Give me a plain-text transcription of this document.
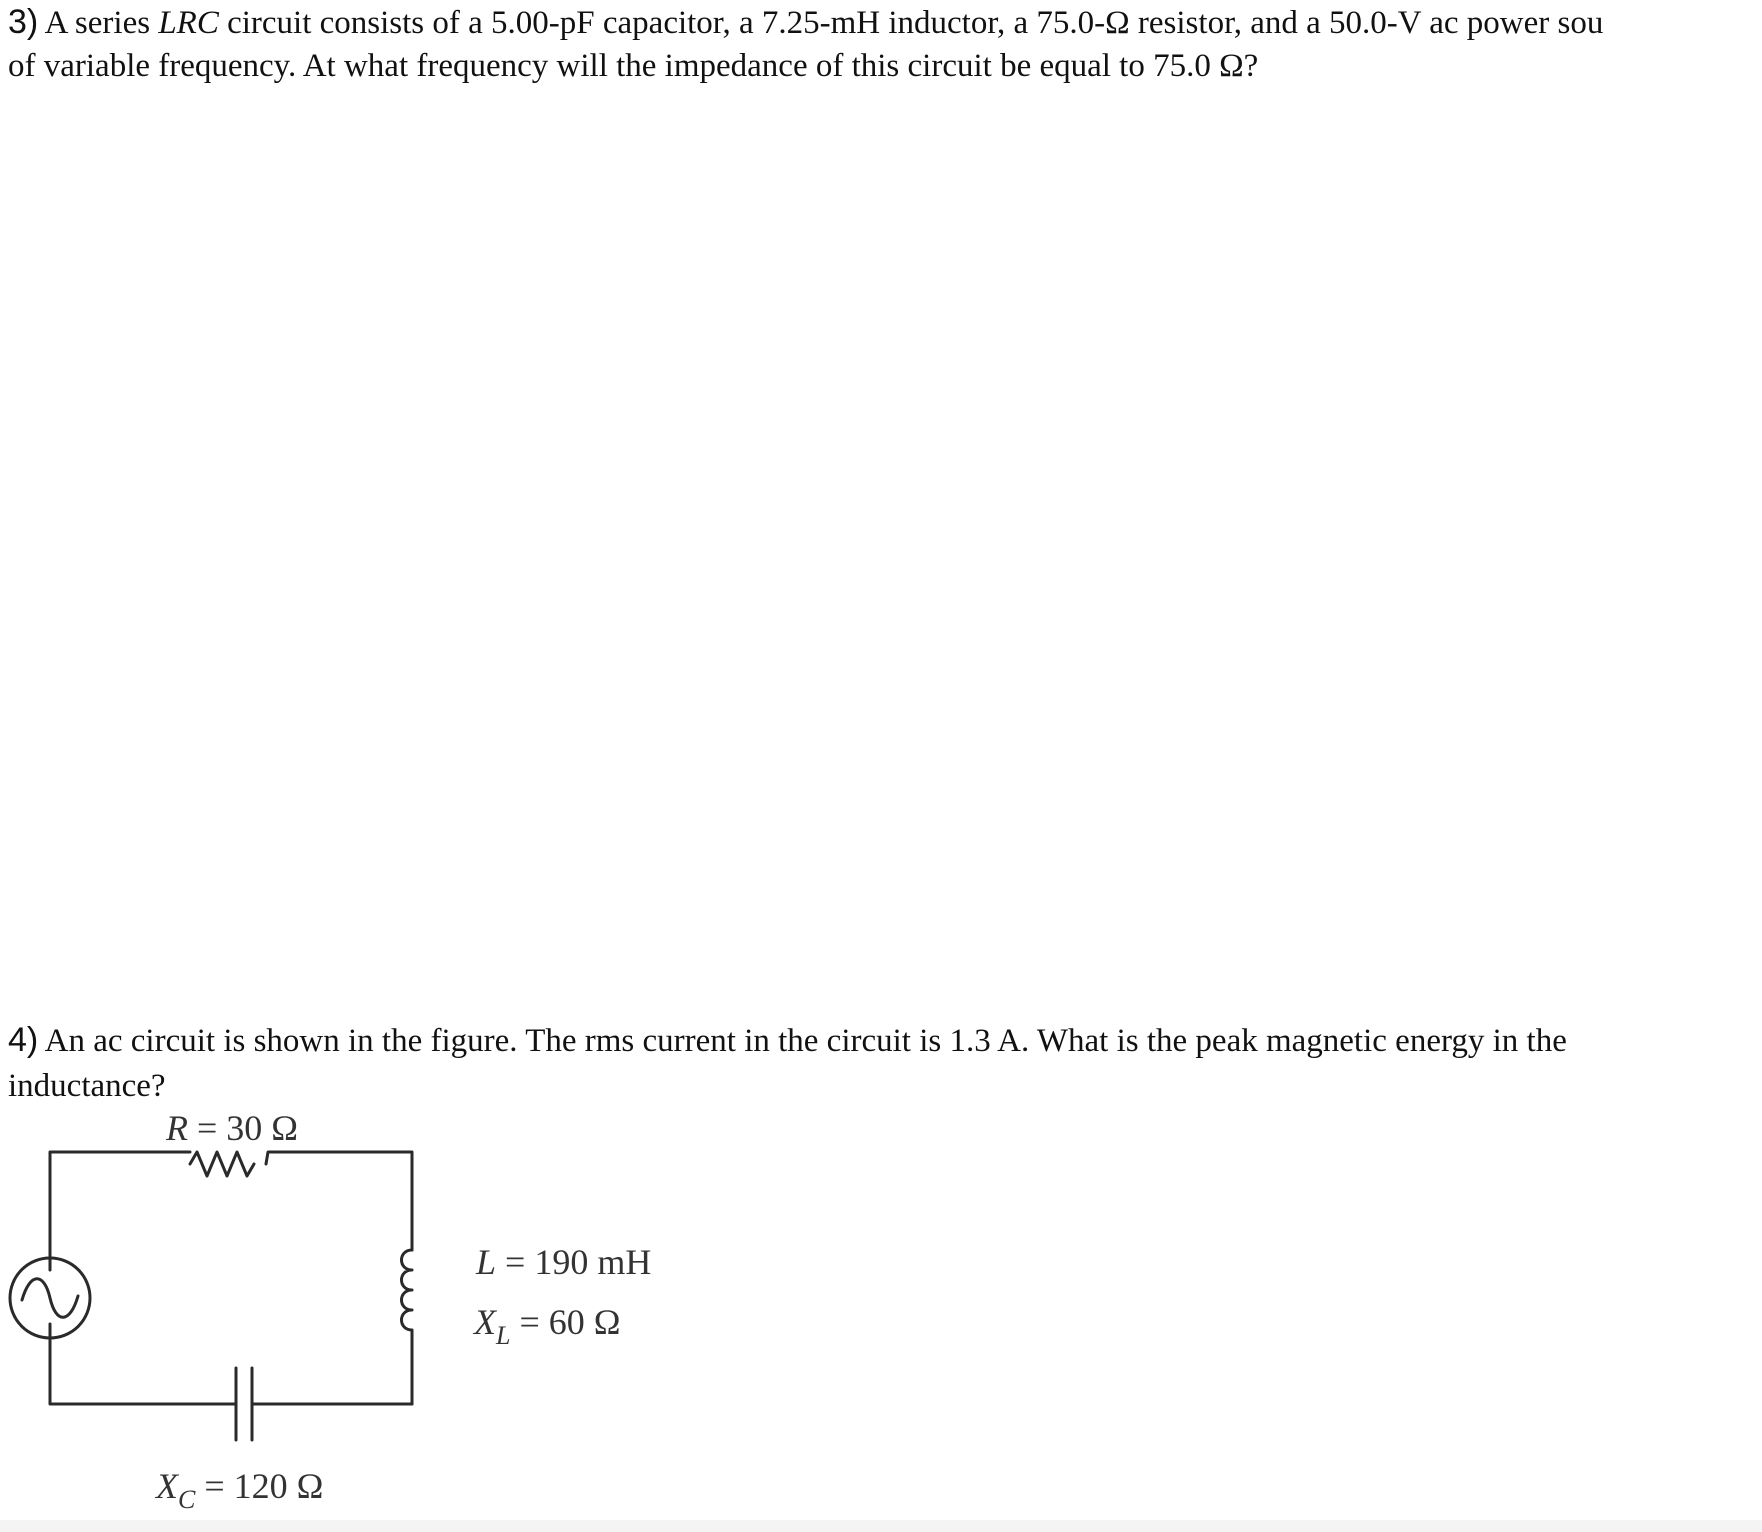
3) A series LRC circuit consists of a 5.00-pF capacitor, a 7.25-mH inductor, a 75.0-Ω resistor, and a 50.0-V ac power sou
of variable frequency. At what frequency will the impedance of this circuit be equal to 75.0 Ω?
4) An ac circuit is shown in the figure. The rms current in the circuit is 1.3 A. What is the peak magnetic energy in the
inductance?
R = 30 Ω
L = 190 mH
$X_L = 60$ Ω
$X_C = 120$ Ω
